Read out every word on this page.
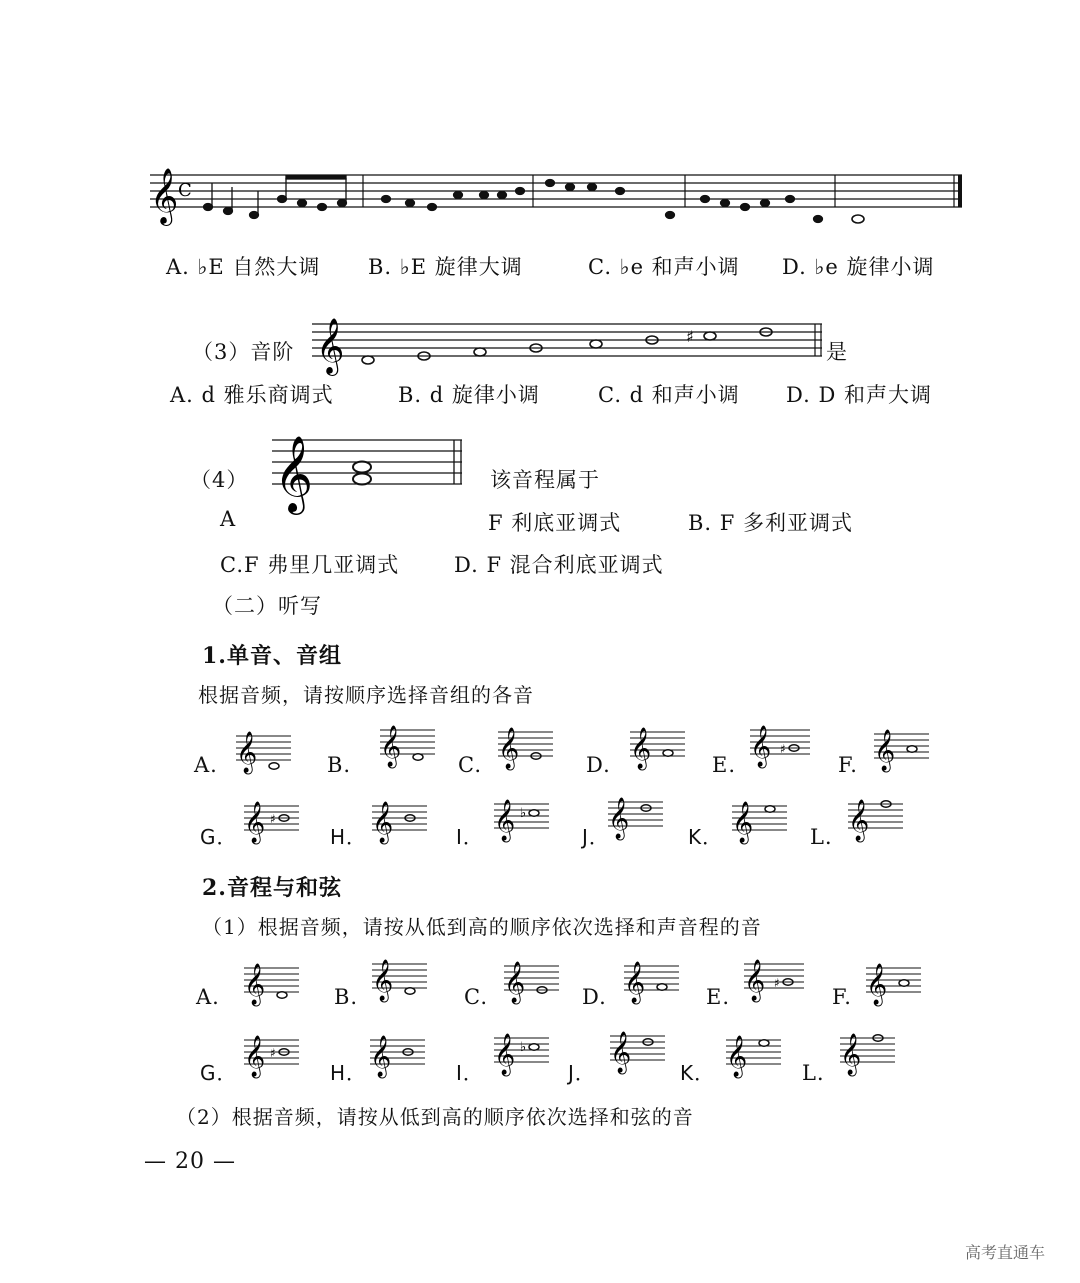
𝄞 C
A. ♭E 自然大调 B. ♭E 旋律大调	C. ♭e 和声小调 D. ♭e 旋律小调
（3）音阶 𝄞	♯
是
A. d 雅乐商调式	B. d 旋律小调	C. d 和声小调 D. D 和声大调
（4） 𝄞	该音程属于
A	F 利底亚调式	B. F 多利亚调式
C.F 弗里几亚调式	D. F 混合利底亚调式
（二）听写
1.单音、音组
根据音频，请按顺序选择音组的各音
A. 𝄞	B. 𝄞	C. 𝄞	D. 𝄞	E. 𝄞 ♯
F. 𝄞
G． 𝄞 ♯
H． 𝄞	I． 𝄞 ♭
J．
𝄞	K． 𝄞	L． 𝄞
2.音程与和弦
（1）根据音频，请按从低到高的顺序依次选择和声音程的音
A. 𝄞	B. 𝄞	C. 𝄞	D. 𝄞	E. 𝄞 ♯
F. 𝄞
G． 𝄞 ♯
H． 𝄞	I． 𝄞 ♭
J． 𝄞 K． 𝄞	L． 𝄞
（2）根据音频，请按从低到高的顺序依次选择和弦的音
— 20 —
高考直通车
